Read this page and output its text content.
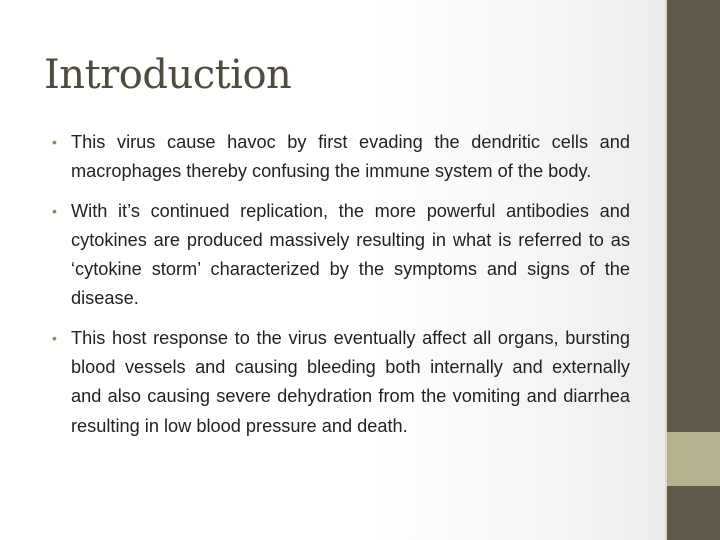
Introduction
• This virus cause havoc by first evading the dendritic cells and macrophages thereby confusing the immune system of the body.
• With it’s continued replication, the more powerful antibodies and cytokines are produced massively resulting in what is referred to as ‘cytokine storm’ characterized by the symptoms and signs of the disease.
• This host response to the virus eventually affect all organs, bursting blood vessels and causing bleeding both internally and externally and also causing severe dehydration from the vomiting and diarrhea resulting in low blood pressure and death.
